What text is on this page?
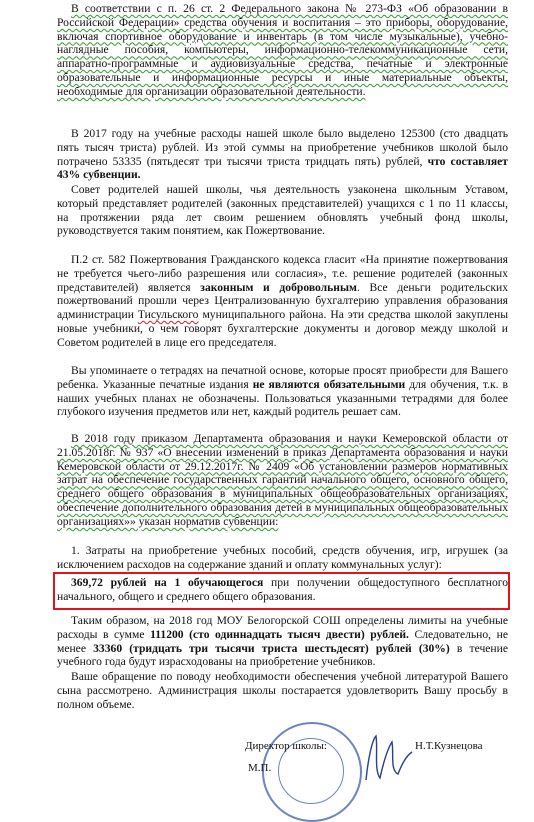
В соответствии с п. 26 ст. 2 Федерального закона № 273-ФЗ «Об образовании в Российской Федерации» средства обучения и воспитания – это приборы, оборудование, включая спортивное оборудование и инвентарь (в том числе музыкальные), учебно-наглядные пособия, компьютеры, информационно-телекоммуникационные сети, аппаратно-программные и аудиовизуальные средства, печатные и электронные образовательные и информационные ресурсы и иные материальные объекты, необходимые для организации образовательной деятельности.

В 2017 году на учебные расходы нашей школе было выделено 125300 (сто двадцать пять тысяч триста) рублей. Из этой суммы на приобретение учебников школой было потрачено 53335 (пятьдесят три тысячи триста тридцать пять) рублей, что составляет 43% субвенции.

Совет родителей нашей школы, чья деятельность узаконена школьным Уставом, который представляет родителей (законных представителей) учащихся с 1 по 11 классы, на протяжении ряда лет своим решением обновлять учебный фонд школы, руководствуется таким понятием, как Пожертвование.

П.2 ст. 582 Пожертвования Гражданского кодекса гласит «На принятие пожертвования не требуется чьего-либо разрешения или согласия», т.е. решение родителей (законных представителей) является законным и добровольным. Все деньги родительских пожертвований прошли через Централизованную бухгалтерию управления образования администрации Тисульского муниципального района. На эти средства школой закуплены новые учебники, о чем говорят бухгалтерские документы и договор между школой и Советом родителей в лице его председателя.

Вы упоминаете о тетрадях на печатной основе, которые просят приобрести для Вашего ребенка. Указанные печатные издания не являются обязательными для обучения, т.к. в наших учебных планах не обозначены. Пользоваться указанными тетрадями для более глубокого изучения предметов или нет, каждый родитель решает сам.

В 2018 году приказом Департамента образования и науки Кемеровской области от 21.05.2018г. № 937 «О внесении изменений в приказ Департамента образования и науки Кемеровской области от 29.12.2017г. № 2409 «Об установлении размеров нормативных затрат на обеспечение государственных гарантий начального общего, основного общего, среднего общего образования в муниципальных общеобразовательных организациях, обеспечение дополнительного образования детей в муниципальных общеобразовательных организациях»» указан норматив субвенции:

1. Затраты на приобретение учебных пособий, средств обучения, игр, игрушек (за исключением расходов на содержание зданий и оплату коммунальных услуг):

369,72 рублей на 1 обучающегося при получении общедоступного бесплатного начального, общего и среднего общего образования.

Таким образом, на 2018 год МОУ Белогорской СОШ определены лимиты на учебные расходы в сумме 111200 (сто одиннадцать тысяч двести) рублей. Следовательно, не менее 33360 (тридцать три тысячи триста шестьдесят) рублей (30%) в течение учебного года будут израсходованы на приобретение учебников.

Ваше обращение по поводу необходимости обеспечения учебной литературой Вашего сына рассмотрено. Администрация школы постарается удовлетворить Вашу просьбу в полном объеме.

Директор школы:	Н.Т.Кузнецова
М.П.
